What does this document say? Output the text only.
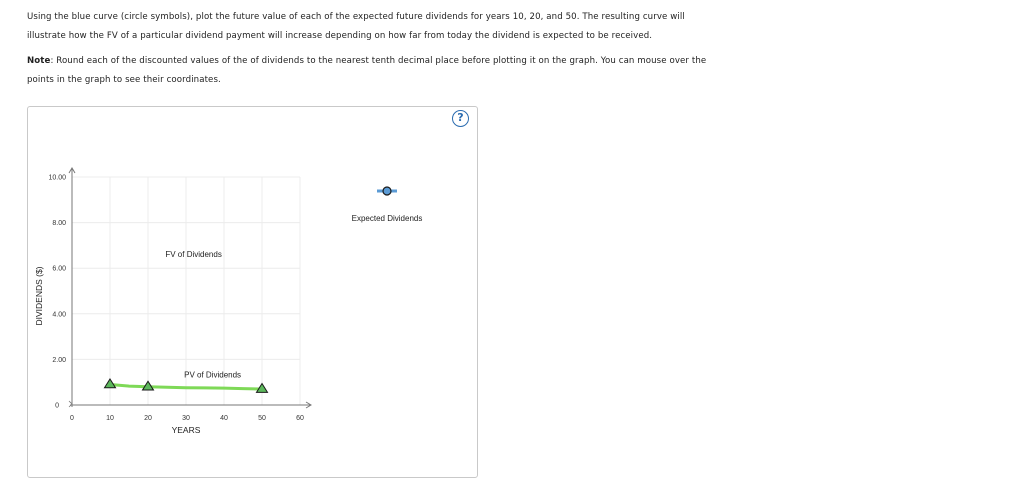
Using the blue curve (circle symbols), plot the future value of each of the expected future dividends for years 10, 20, and 50. The resulting curve will illustrate how the FV of a particular dividend payment will increase depending on how far from today the dividend is expected to be received.
Note: Round each of the discounted values of the of dividends to the nearest tenth decimal place before plotting it on the graph. You can mouse over the points in the graph to see their coordinates.
?
0	10	20	30	40	50	60
0
2.00
4.00
6.00
8.00
10.00
YEARS
DIVIDENDS ($)
FV of Dividends
PV of Dividends
Expected Dividends
